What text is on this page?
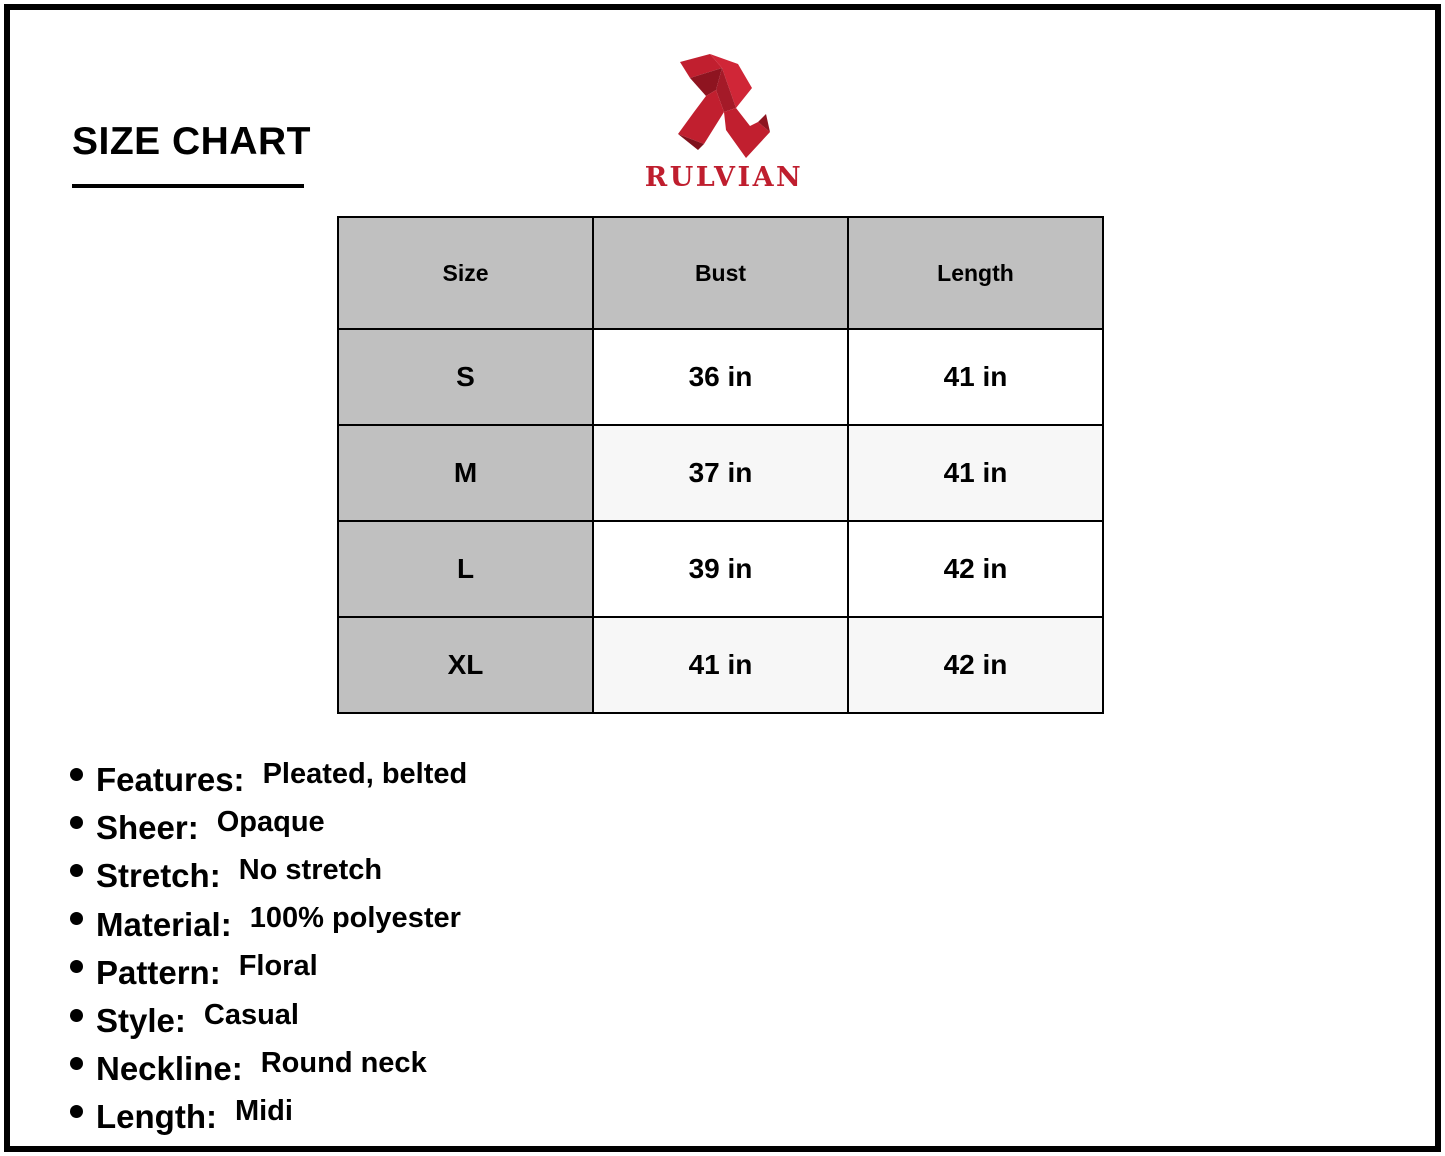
SIZE CHART
RULVIAN
Size	Bust	Length
S	36 in	41 in
M	37 in	41 in
L	39 in	42 in
XL	41 in	42 in
Features: Pleated, belted
Sheer: Opaque
Stretch: No stretch
Material: 100% polyester
Pattern: Floral
Style: Casual
Neckline: Round neck
Length: Midi
